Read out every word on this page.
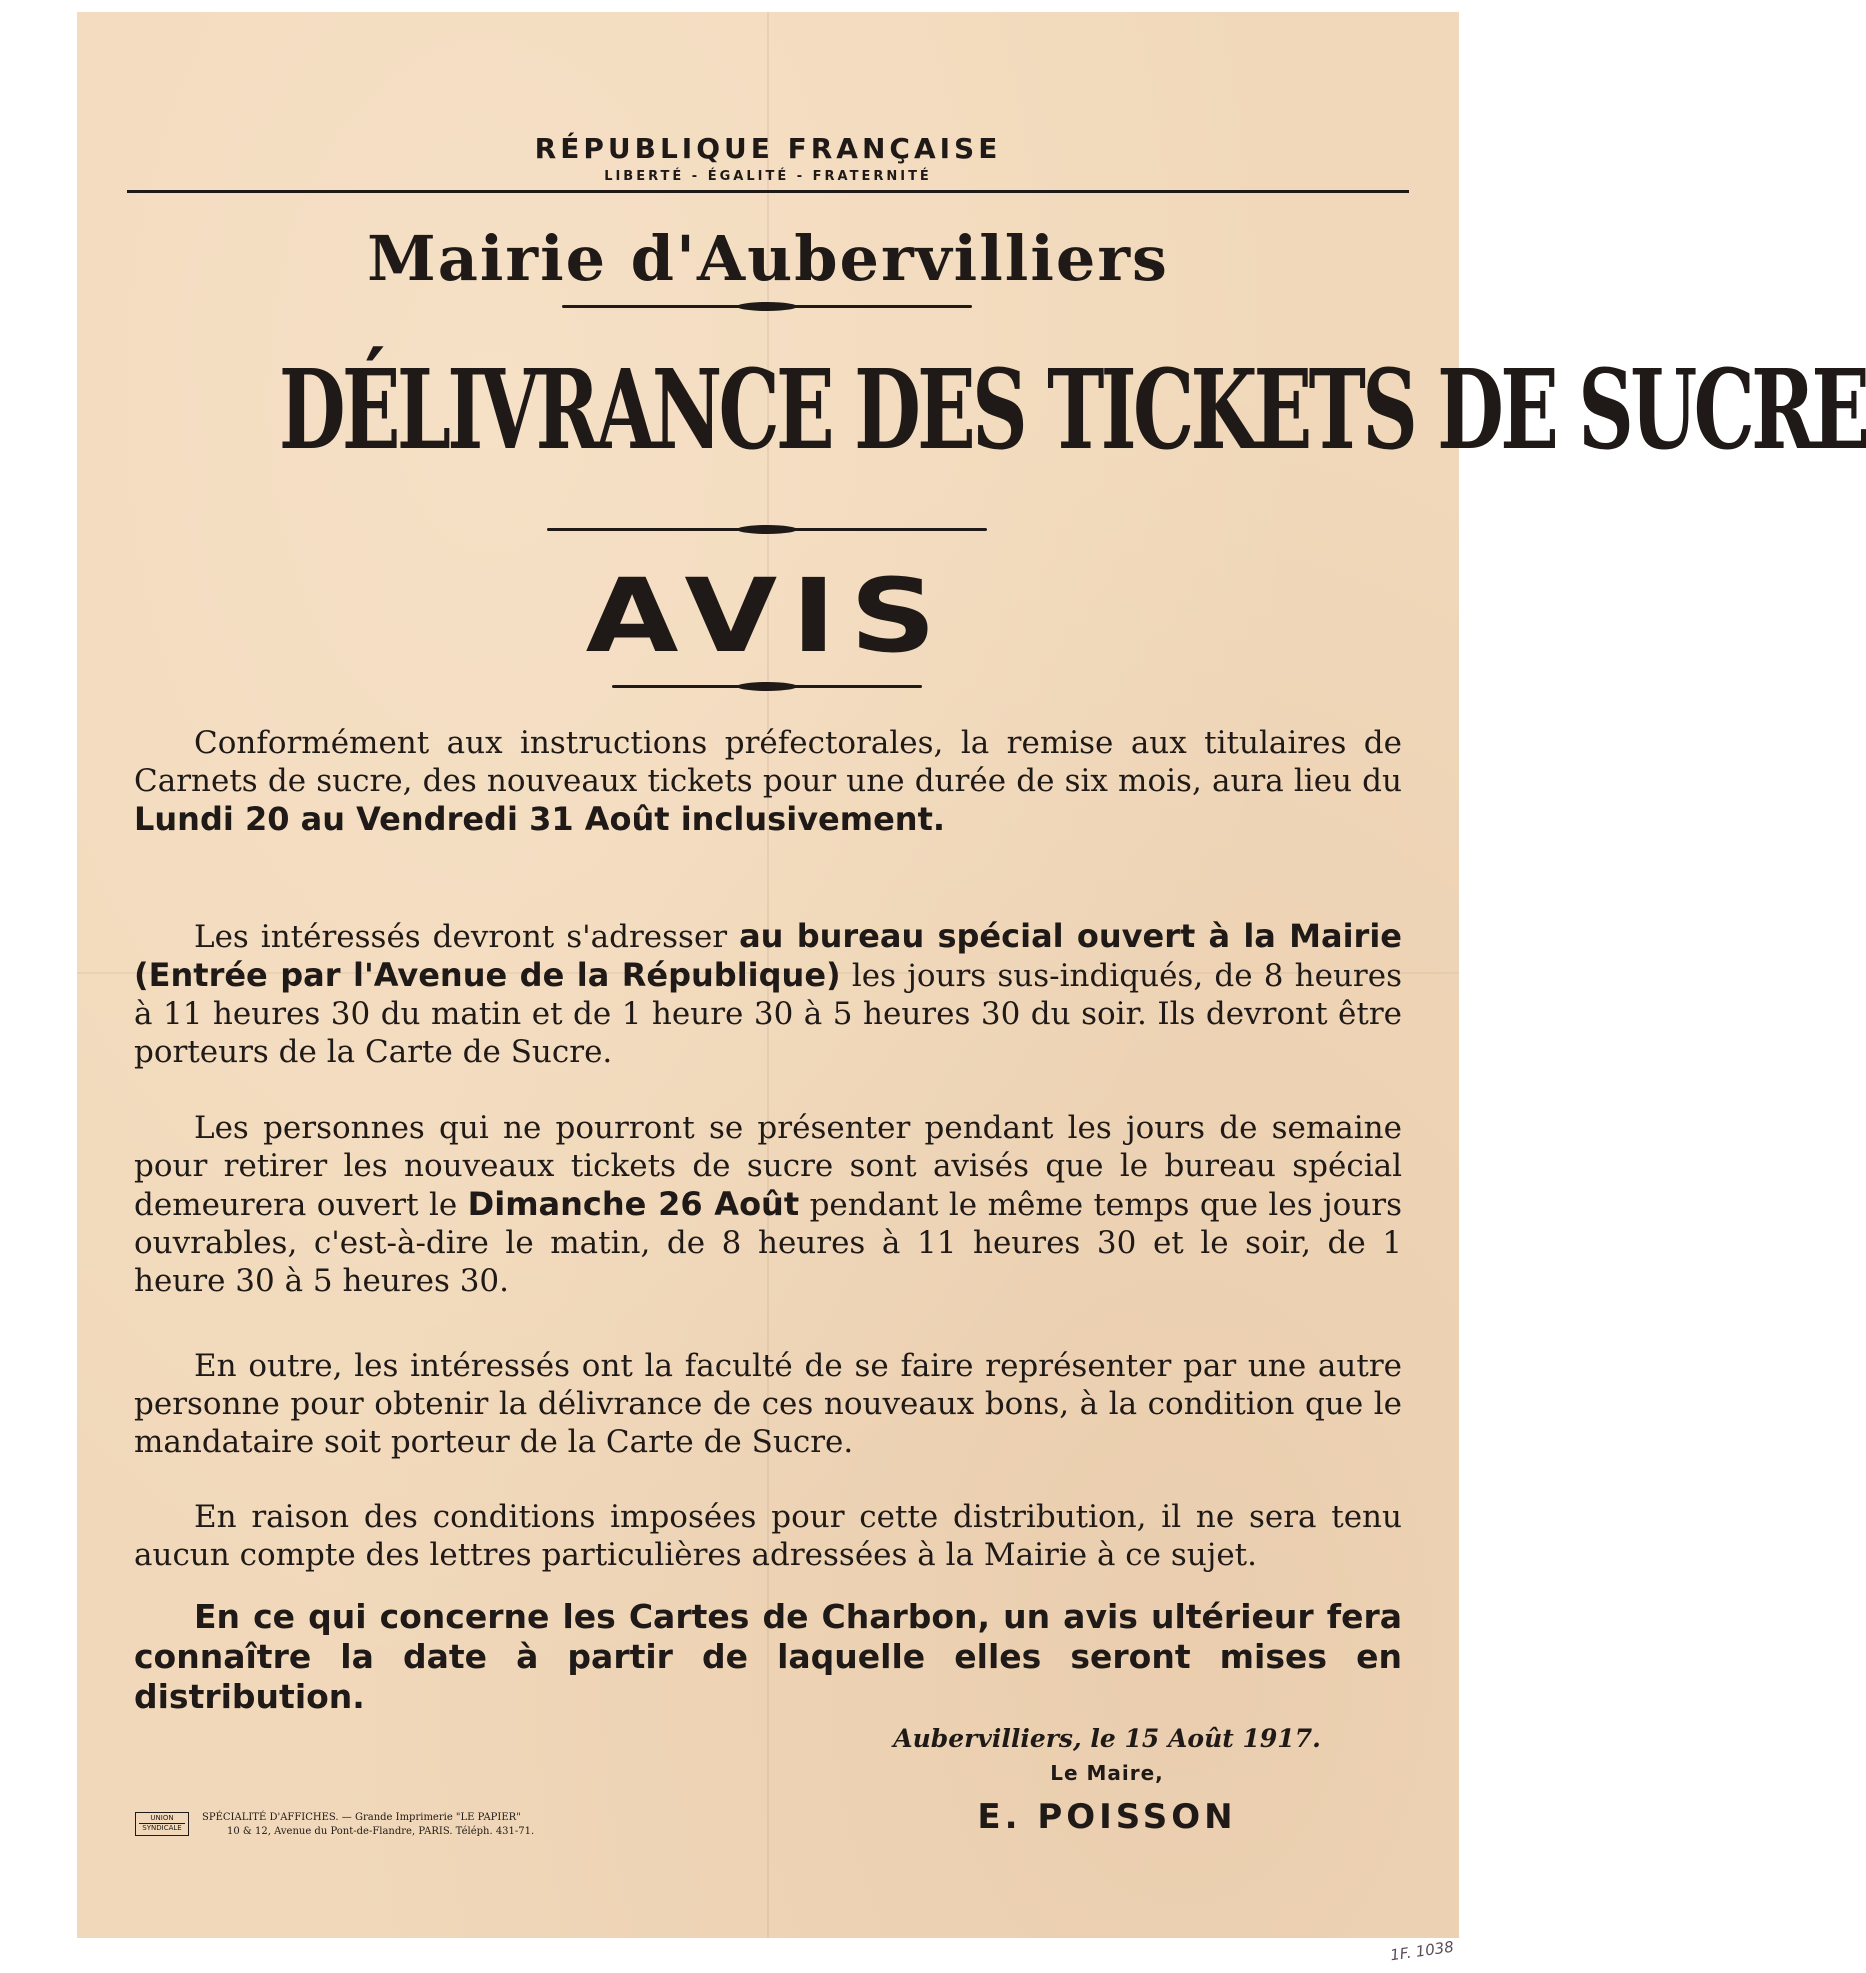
RÉPUBLIQUE FRANÇAISE
LIBERTÉ - ÉGALITÉ - FRATERNITÉ
Mairie d'Aubervilliers
DÉLIVRANCE DES TICKETS DE SUCRE
AVIS
Conformément aux instructions préfectorales, la remise aux titulaires de Carnets de sucre, des nouveaux tickets pour une durée de six mois, aura lieu du Lundi 20 au Vendredi 31 Août inclusivement.
Les intéressés devront s'adresser au bureau spécial ouvert à la Mairie (Entrée par l'Avenue de la République) les jours sus-indiqués, de 8 heures à 11 heures 30 du matin et de 1 heure 30 à 5 heures 30 du soir. Ils devront être porteurs de la Carte de Sucre.
Les personnes qui ne pourront se présenter pendant les jours de semaine pour retirer les nouveaux tickets de sucre sont avisés que le bureau spécial demeurera ouvert le Dimanche 26 Août pendant le même temps que les jours ouvrables, c'est-à-dire le matin, de 8 heures à 11 heures 30 et le soir, de 1 heure 30 à 5 heures 30.
En outre, les intéressés ont la faculté de se faire représenter par une autre personne pour obtenir la délivrance de ces nouveaux bons, à la condition que le mandataire soit porteur de la Carte de Sucre.
En raison des conditions imposées pour cette distribution, il ne sera tenu aucun compte des lettres particulières adressées à la Mairie à ce sujet.
En ce qui concerne les Cartes de Charbon, un avis ultérieur fera connaître la date à partir de laquelle elles seront mises en distribution.
Aubervilliers, le 15 Août 1917.
Le Maire,
E. POISSON
UNION SYNDICALE
SPÉCIALITÉ D'AFFICHES. — Grande Imprimerie "LE PAPIER"
10 & 12, Avenue du Pont-de-Flandre, PARIS. Téléph. 431-71.
1F. 1038
